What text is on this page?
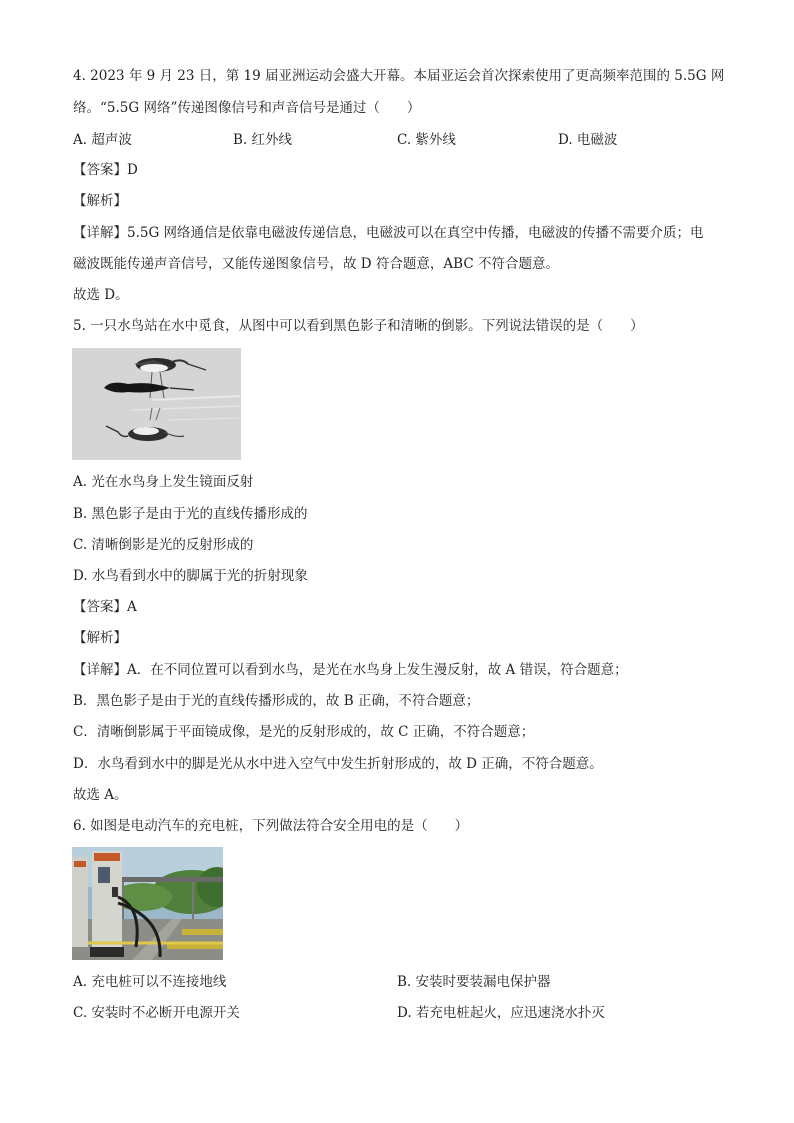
4. 2023 年 9 月 23 日，第 19 届亚洲运动会盛大开幕。本届亚运会首次探索使用了更高频率范围的 5.5G 网
络。“5.5G 网络”传递图像信号和声音信号是通过（　　）
A. 超声波	B. 红外线	C. 紫外线	D. 电磁波
【答案】D
【解析】
【详解】5.5G 网络通信是依靠电磁波传递信息，电磁波可以在真空中传播，电磁波的传播不需要介质；电
磁波既能传递声音信号，又能传递图象信号，故 D 符合题意，ABC 不符合题意。
故选 D。
5. 一只水鸟站在水中觅食，从图中可以看到黑色影子和清晰的倒影。下列说法错误的是（　　）
A. 光在水鸟身上发生镜面反射
B. 黑色影子是由于光的直线传播形成的
C. 清晰倒影是光的反射形成的
D. 水鸟看到水中的脚属于光的折射现象
【答案】A
【解析】
【详解】A．在不同位置可以看到水鸟，是光在水鸟身上发生漫反射，故 A 错误，符合题意；
B．黑色影子是由于光的直线传播形成的，故 B 正确，不符合题意；
C．清晰倒影属于平面镜成像，是光的反射形成的，故 C 正确，不符合题意；
D．水鸟看到水中的脚是光从水中进入空气中发生折射形成的，故 D 正确，不符合题意。
故选 A。
6. 如图是电动汽车的充电桩，下列做法符合安全用电的是（　　）
A. 充电桩可以不连接地线	B. 安装时要装漏电保护器
C. 安装时不必断开电源开关	D. 若充电桩起火，应迅速浇水扑灭
